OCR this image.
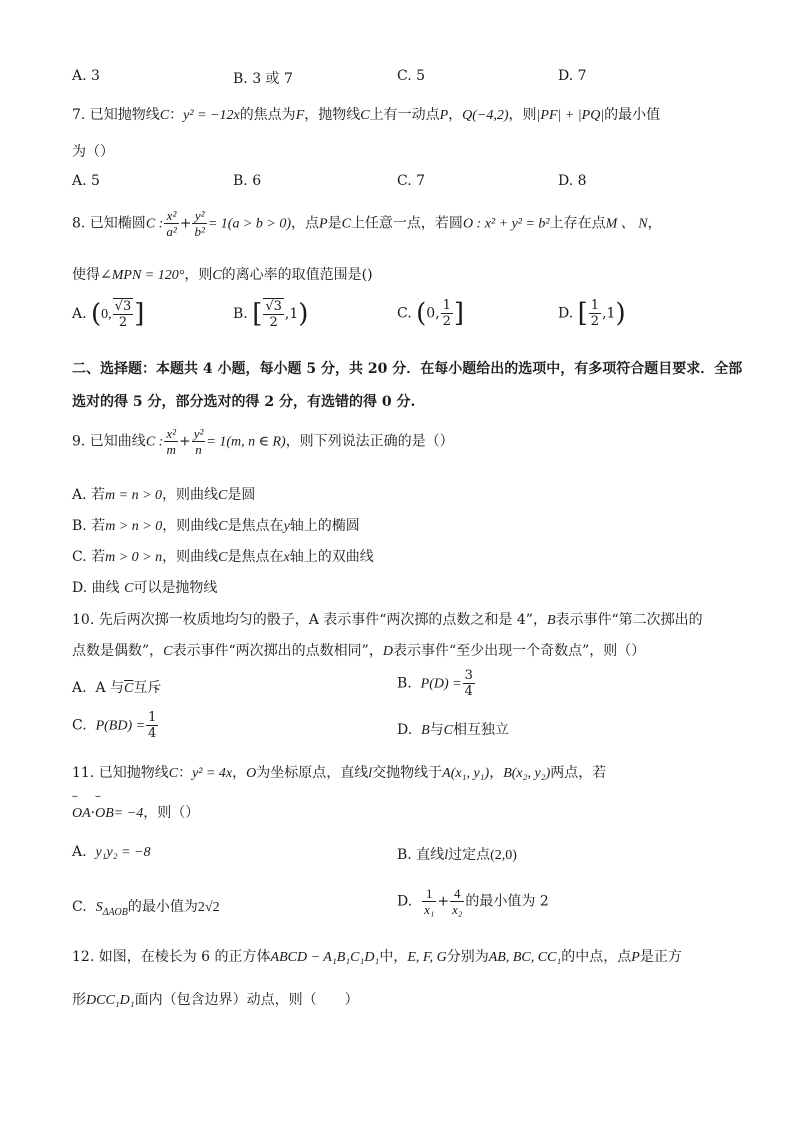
A. 3	B. 3 或 7	C. 5	D. 7
7. 已知抛物线C：y² = −12x的焦点为F，抛物线C上有一动点P，Q(−4,2)，则|PF| + |PQ|的最小值
为（）
A. 5	B. 6	C. 7	D. 8
8. 已知椭圆C : $\frac{\text{x²}}{\text{a²}} + \frac{\text{y²}}{\text{b²}} = 1(a > b > 0)$，点P是C上任意一点，若圆O : x² + y² = b²上存在点M 、 N，
使得∠MPN = 120°，则C的离心率的取值范围是()
A. (0, $\frac{√3}{2}$ ]	B. [ $\frac{√3}{2} ,1$)	C. (0, $\frac{1}{2}$ ]	D. [ $\frac{1}{2} ,1$)
二、选择题：本题共 4 小题，每小题 5 分，共 20 分．在每小题给出的选项中，有多项符合题目要求．全部
选对的得 5 分，部分选对的得 2 分，有选错的得 0 分.
9. 已知曲线C : $\frac{\text{x²}}{m} + \frac{\text{y²}}{n} = 1(m$, n ∈ R)，则下列说法正确的是（）
A. 若m = n > 0，则曲线C是圆
B. 若m > n > 0，则曲线C是焦点在y轴上的椭圆
C. 若m > 0 > n，则曲线C是焦点在x轴上的双曲线
D. 曲线 C可以是抛物线
10. 先后两次掷一枚质地均匀的骰子，A 表示事件“两次掷的点数之和是 4”，B表示事件“第二次掷出的
点数是偶数”，C表示事件“两次掷出的点数相同”，D表示事件“至少出现一个奇数点”，则（）
A. A 与$\overline{C}$互斥	B. $P(D) = \frac{3}{4}$
C. $P(BD) = \frac{1}{4}$	D. B与C相互独立
11. 已知抛物线C：y² = 4x，O为坐标原点，直线l交抛物线于A(x₁, y₁)，B(x₂, y₂)两点，若
˘˘ OA·˘˘ OB= −4，则（）
A. y₁y₂ = −8	B. 直线l过定点(2,0)
C. $S_{\Delta AOB}$的最小值为2√2	D. $\frac{1}{\text{x₁}} + \frac{4}{\text{x₂}}$ 的最小值为 2
12. 如图，在棱长为 6 的正方体ABCD − A₁B₁C₁D₁中，E, F, G分别为AB, BC, CC₁的中点，点P是正方
形DCC₁D₁面内（包含边界）动点，则（　　）
